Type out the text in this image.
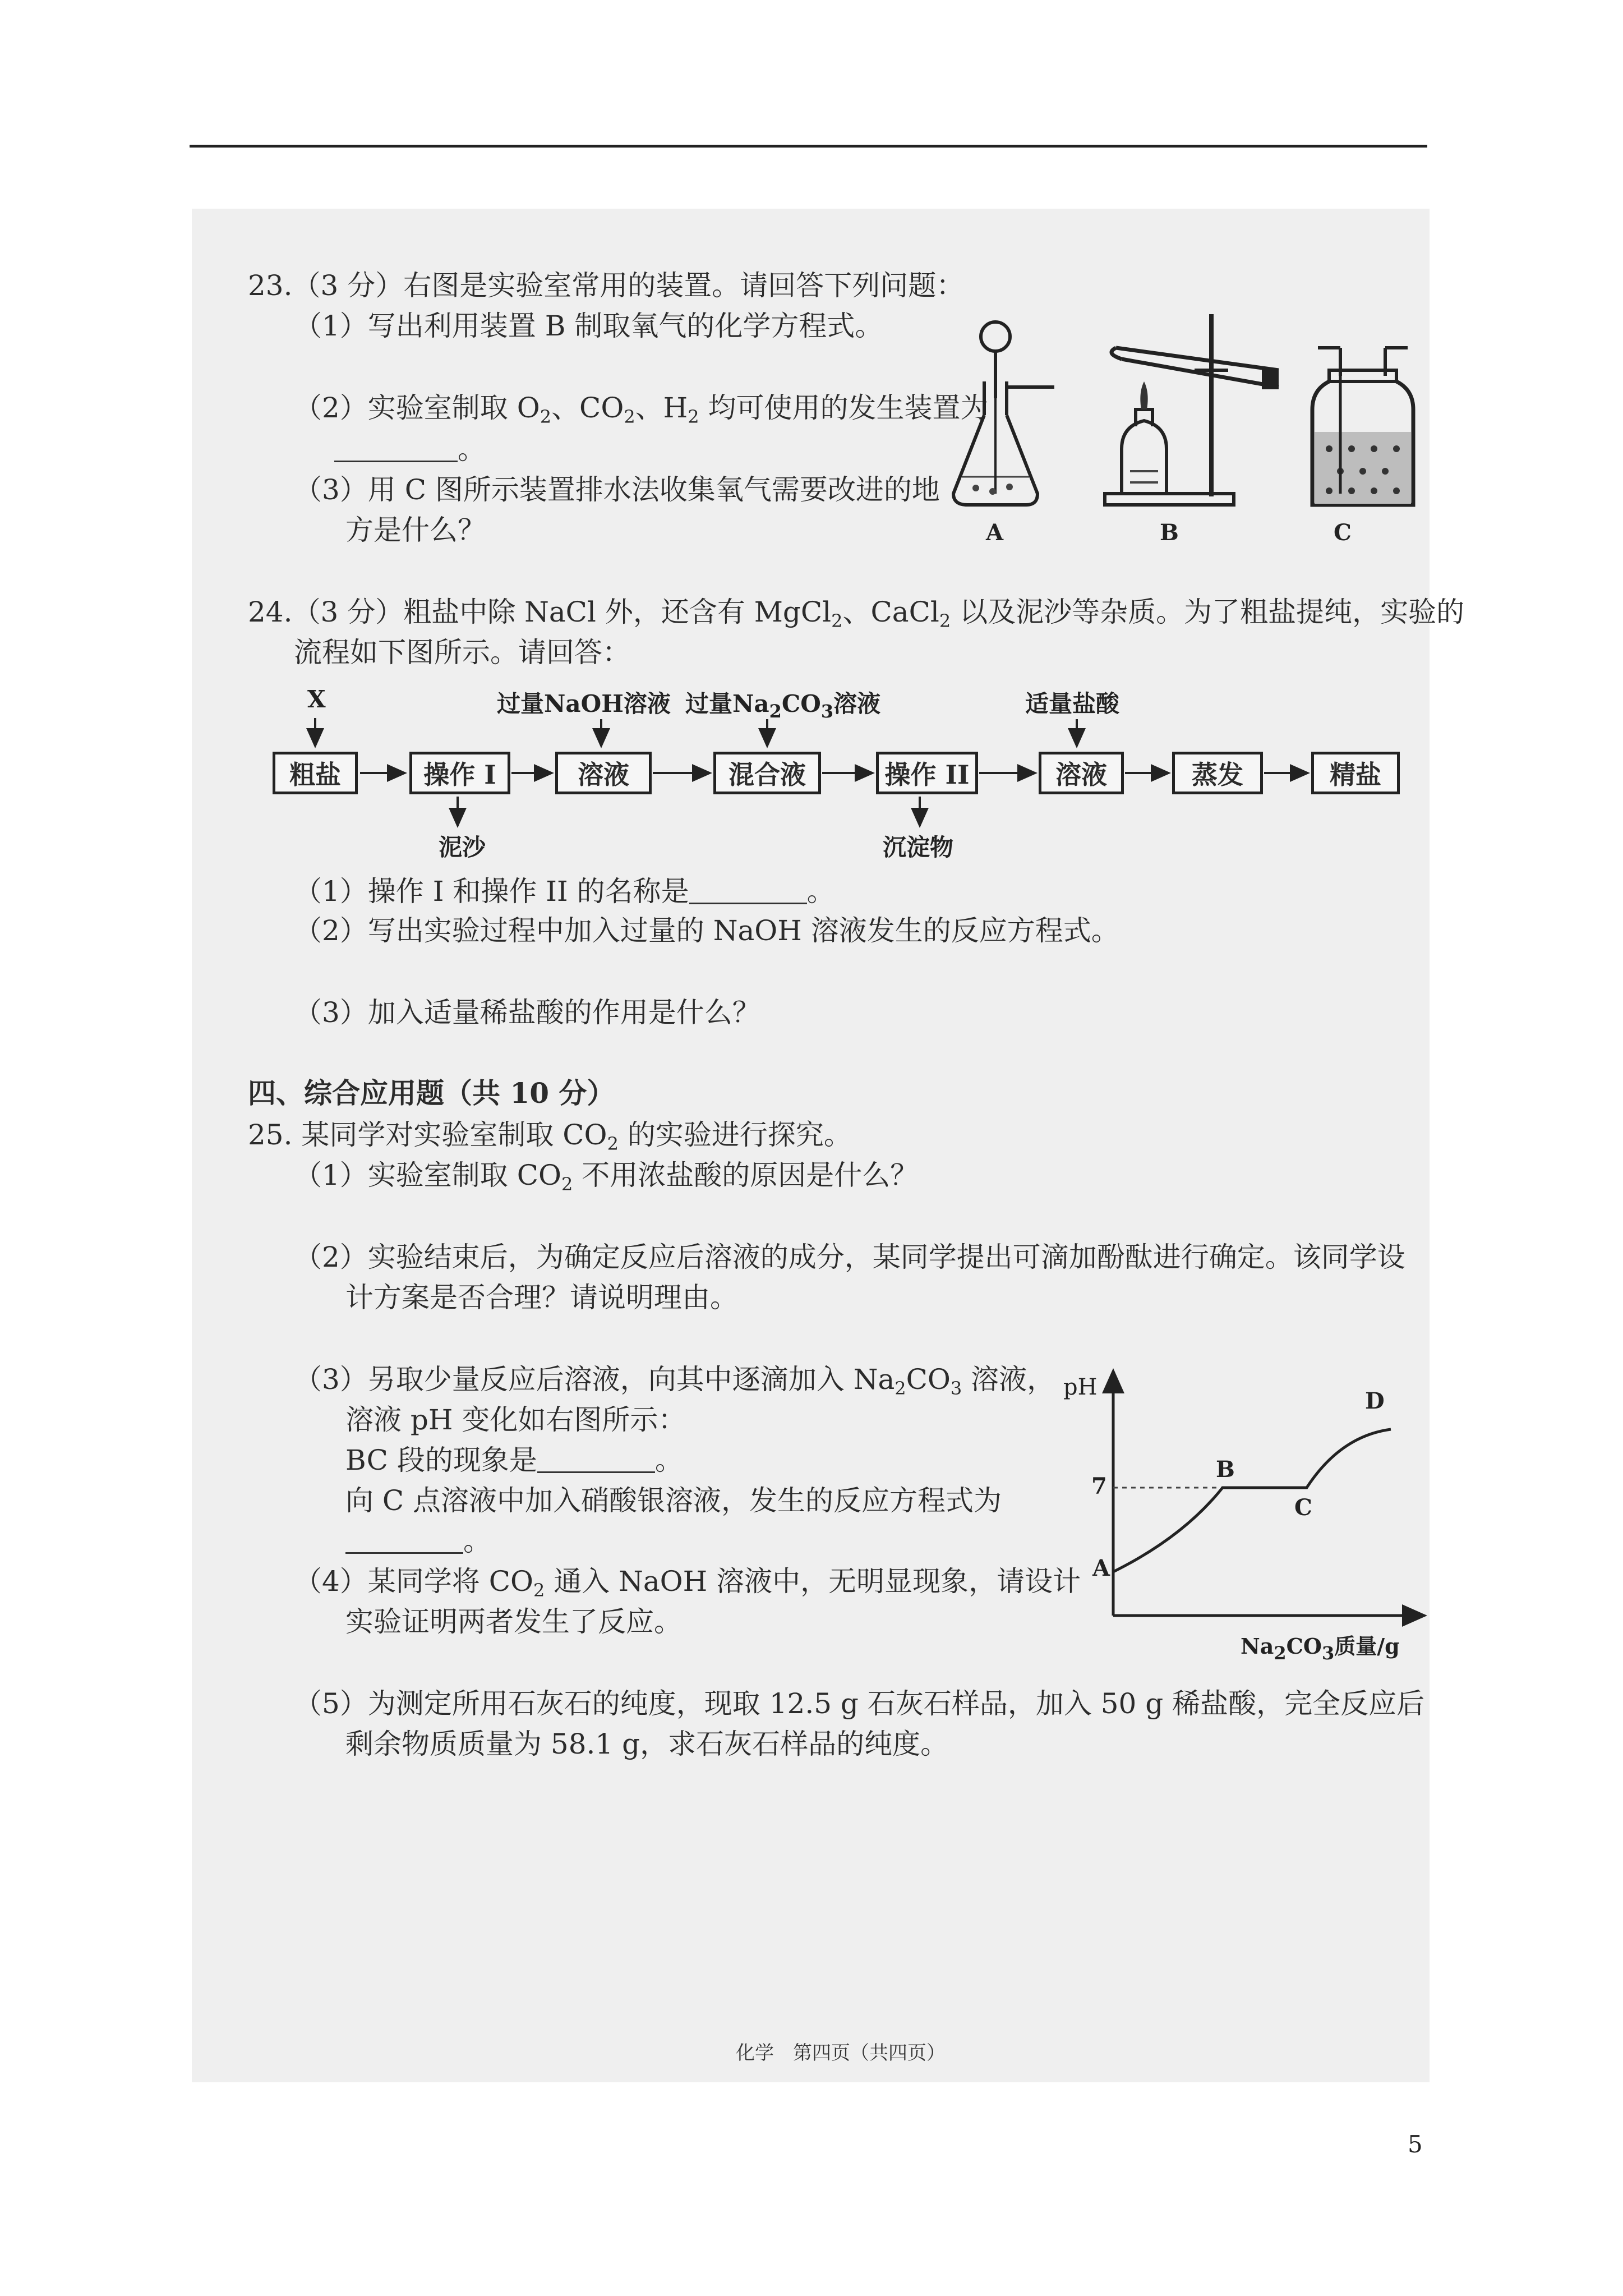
23.（3 分）右图是实验室常用的装置。请回答下列问题：
（1）写出利用装置 B 制取氧气的化学方程式。
（2）实验室制取 $O_2$、$CO_2$、$H_2$ 均可使用的发生装置为
。
（3）用 C 图所示装置排水法收集氧气需要改进的地
方是什么？	A	B	C
24.（3 分）粗盐中除 NaCl 外，还含有 MgCl$_2$、CaCl$_2$ 以及泥沙等杂质。为了粗盐提纯，实验的
流程如下图所示。请回答：
X	过量NaOH溶液 过量$Na_2CO_3$溶液	适量盐酸
粗盐	操作 I	溶液	混合液	操作 II	溶液	蒸发	精盐
泥沙	沉淀物
（1）操作 I 和操作 II 的名称是	。
（2）写出实验过程中加入过量的 NaOH 溶液发生的反应方程式。
（3）加入适量稀盐酸的作用是什么？
四、综合应用题（共 10 分）
25. 某同学对实验室制取 $CO_2$ 的实验进行探究。
（1）实验室制取 $CO_2$ 不用浓盐酸的原因是什么？
（2）实验结束后，为确定反应后溶液的成分，某同学提出可滴加酚酞进行确定。该同学设
计方案是否合理？请说明理由。
（3）另取少量反应后溶液，向其中逐滴加入 $Na_2CO_3$ 溶液，
溶液 pH 变化如右图所示：
BC 段的现象是	。
向 C 点溶液中加入硝酸银溶液，发生的反应方程式为
。
（4）某同学将 $CO_2$ 通入 NaOH 溶液中，无明显现象，请设计
实验证明两者发生了反应。
（5）为测定所用石灰石的纯度，现取 12.5 g 石灰石样品，加入 50 g 稀盐酸，完全反应后
剩余物质质量为 58.1 g，求石灰石样品的纯度。
pH
7
A
B
C
D
$Na_2CO_3$质量/g
化学　第四页（共四页）
5
